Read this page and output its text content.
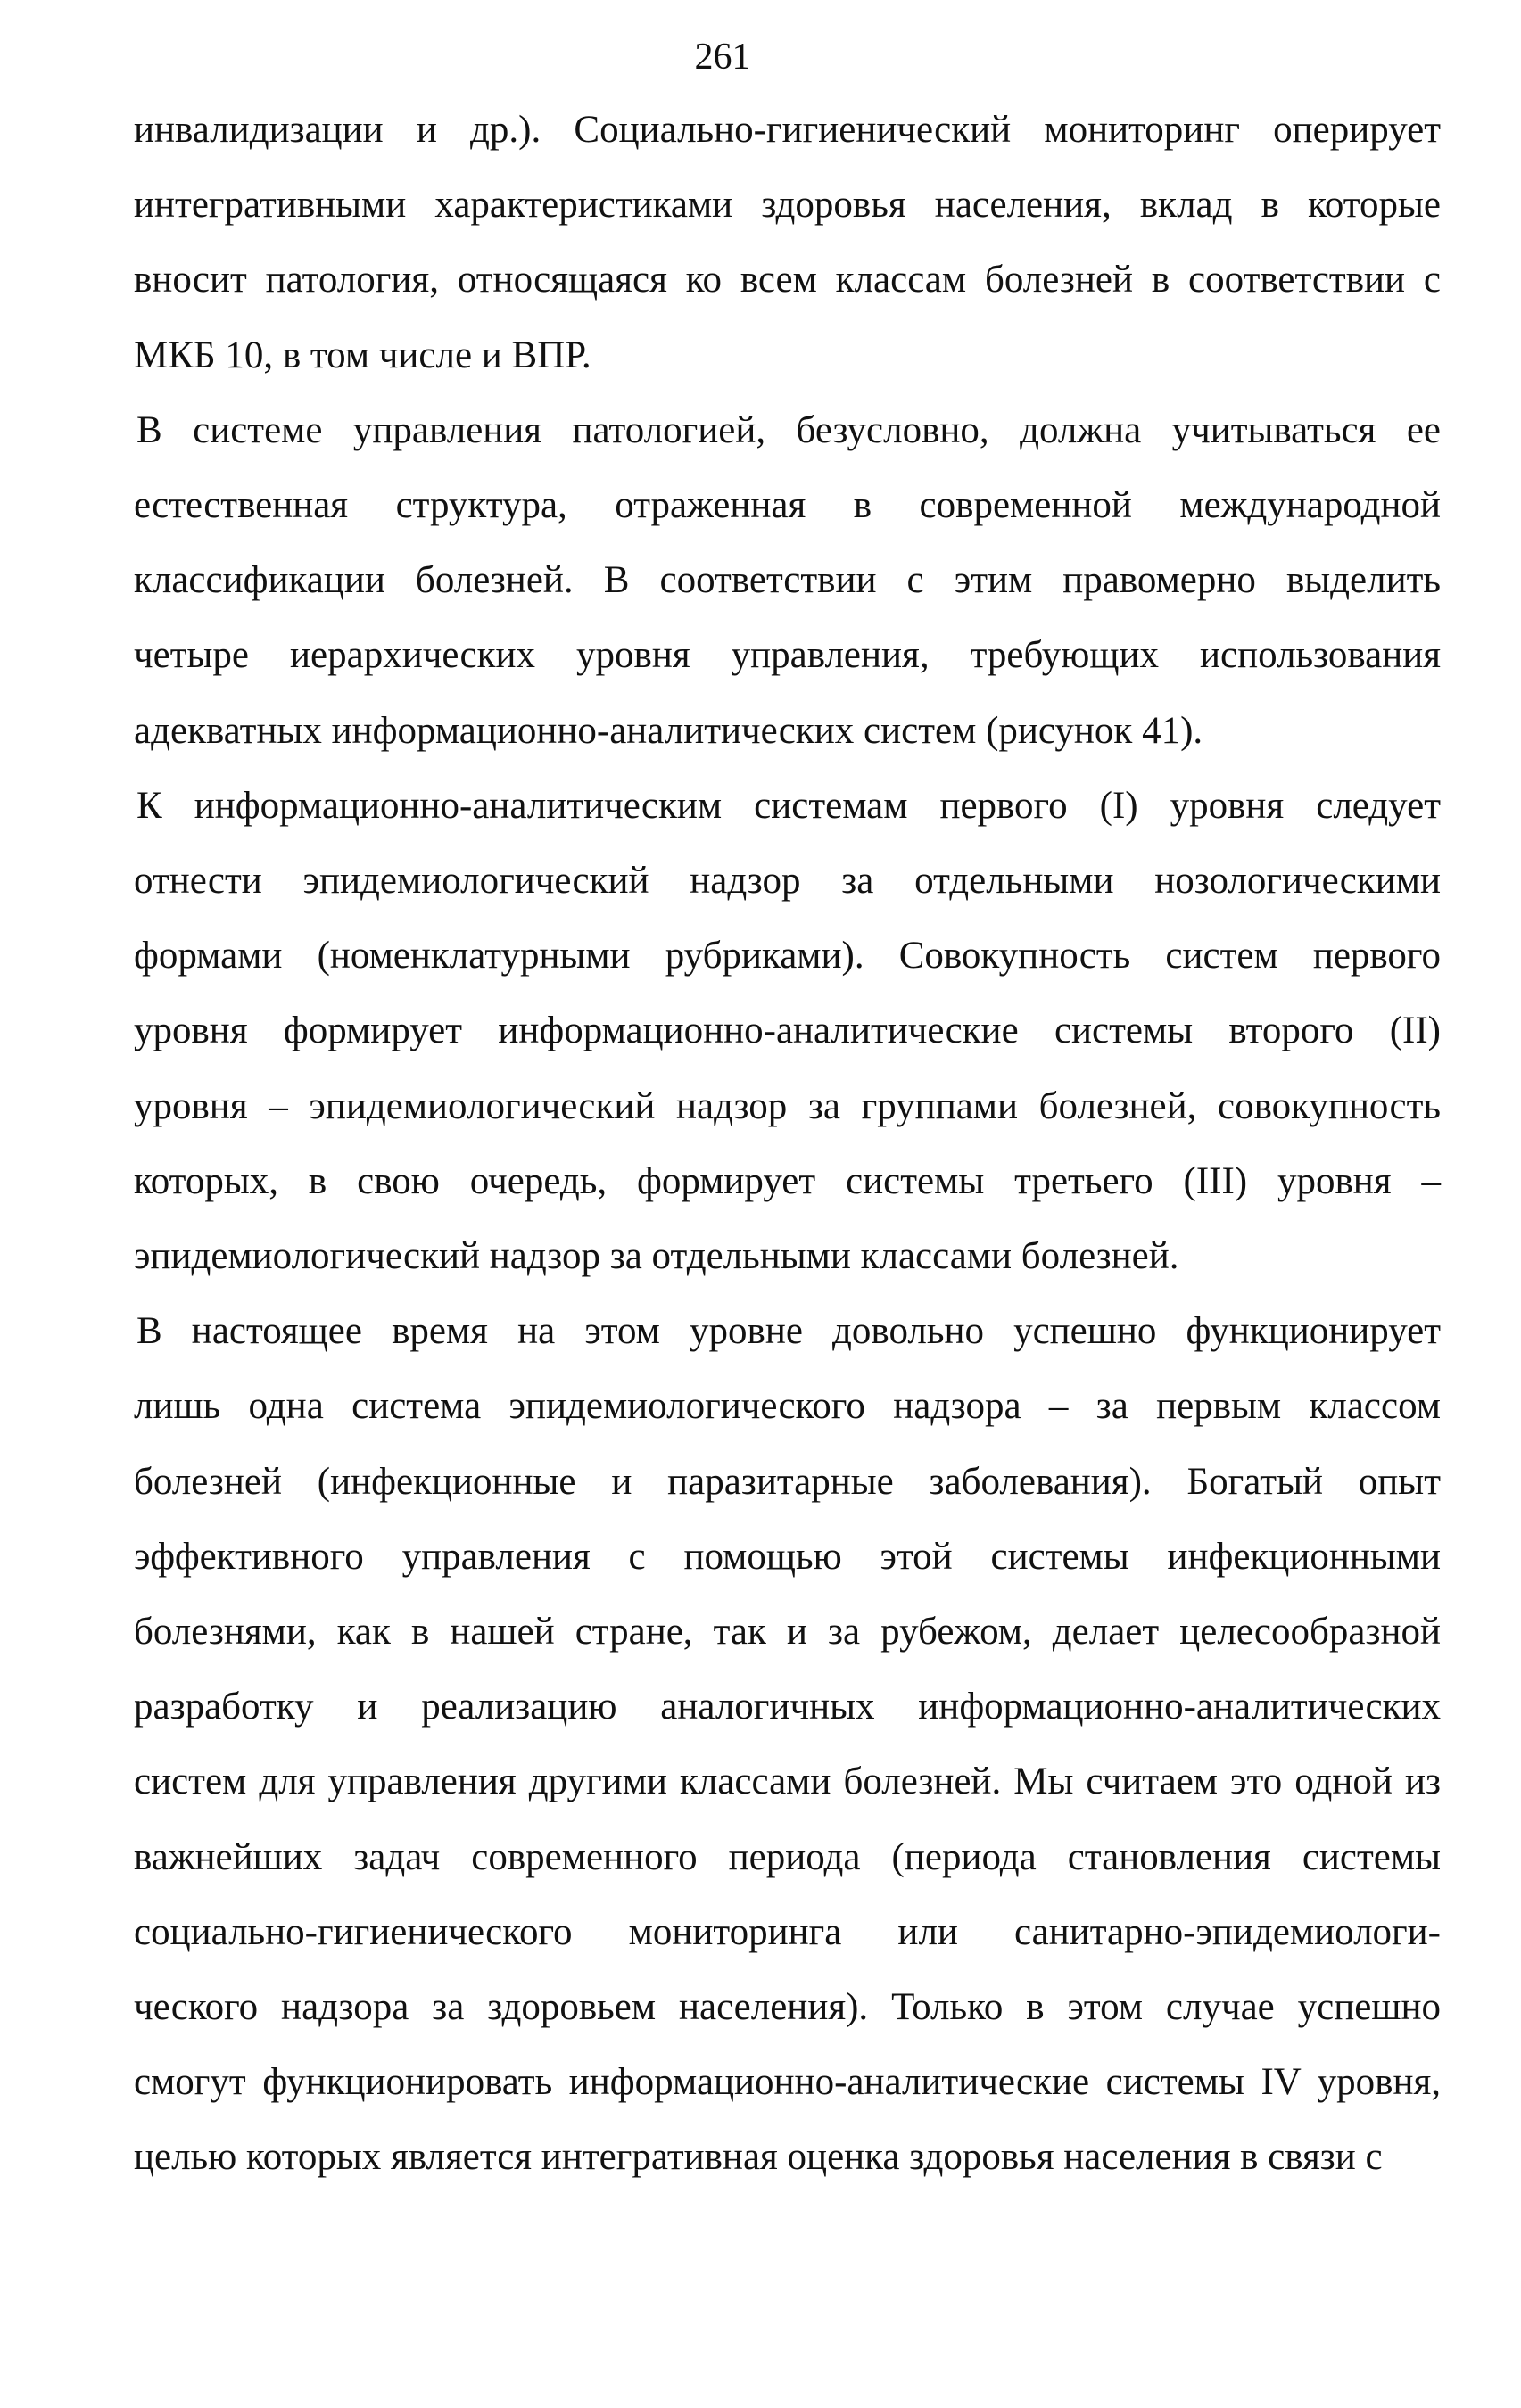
261
инвалидизации и др.). Социально-гигиенический мониторинг оперирует
интегративными характеристиками здоровья населения, вклад в которые
вносит патология, относящаяся ко всем классам болезней в соответствии с
МКБ 10, в том числе и ВПР.
В системе управления патологией, безусловно, должна учитываться ее
естественная структура, отраженная в современной международной
классификации болезней. В соответствии с этим правомерно выделить
четыре иерархических уровня управления, требующих использования
адекватных информационно-аналитических систем (рисунок 41).
К информационно-аналитическим системам первого (I) уровня следует
отнести эпидемиологический надзор за отдельными нозологическими
формами (номенклатурными рубриками). Совокупность систем первого
уровня формирует информационно-аналитические системы второго (II)
уровня – эпидемиологический надзор за группами болезней, совокупность
которых, в свою очередь, формирует системы третьего (III) уровня –
эпидемиологический надзор за отдельными классами болезней.
В настоящее время на этом уровне довольно успешно функционирует
лишь одна система эпидемиологического надзора – за первым классом
болезней (инфекционные и паразитарные заболевания). Богатый опыт
эффективного управления с помощью этой системы инфекционными
болезнями, как в нашей стране, так и за рубежом, делает целесообразной
разработку и реализацию аналогичных информационно-аналитических
систем для управления другими классами болезней. Мы считаем это одной из
важнейших задач современного периода (периода становления системы
социально-гигиенического мониторинга или санитарно-эпидемиологи-
ческого надзора за здоровьем населения). Только в этом случае успешно
смогут функционировать информационно-аналитические системы IV уровня,
целью которых является интегративная оценка здоровья населения в связи с
